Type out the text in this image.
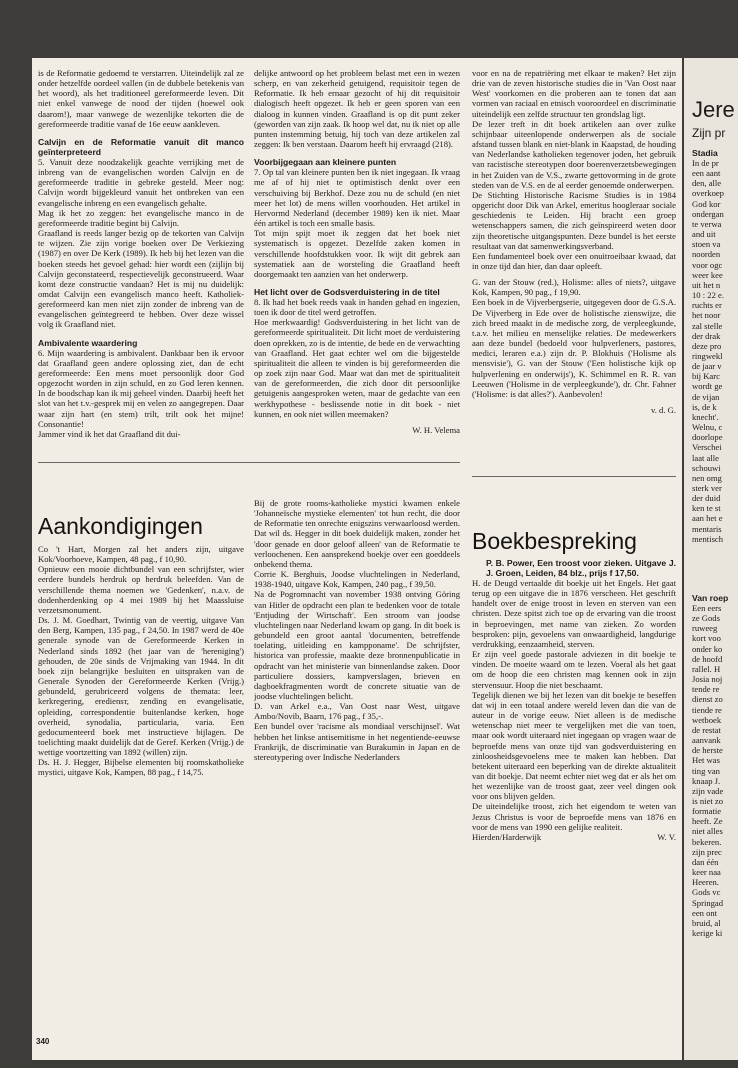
is de Reformatie gedoemd te verstarren. Uiteindelijk zal ze onder hetzelfde oordeel vallen (in de dubbele betekenis van het woord), als het traditioneel gereformeerde leven. Dit niet enkel vanwege de nood der tijden (hoewel ook daarom!), maar vanwege de wezenlijke tekorten die de gereformeerde traditie vanaf de 16e eeuw aankleven.

Calvijn en de Reformatie vanuit dit manco geïnterpreteerd

5. Vanuit deze noodzakelijk geachte verrijking met de inbreng van de evangelischen worden Calvijn en de gereformeerde traditie in gebreke gesteld. Meer nog: Calvijn wordt bijgekleurd vanuit het ontbreken van een evangelische inbreng en een evangelisch gehalte.

Mag ik het zo zeggen: het evangelische manco in de gereformeerde traditie begint bij Calvijn.

Graafland is reeds langer bezig op de tekorten van Calvijn te wijzen. Zie zijn vorige boeken over De Verkiezing (1987) en over De Kerk (1989). Ik heb bij het lezen van die boeken steeds het gevoel gehad: hier wordt een (zijlijn bij Calvijn geconstateerd, respectievelijk geconstrueerd. Waar komt deze constructie vandaan? Het is mij nu duidelijk: omdat Calvijn een evangelisch manco heeft. Katholiek-gereformeerd kan men niet zijn zonder de inbreng van de evangelischen geïntegreerd te hebben. Over deze wissel volg ik Graafland niet.

Ambivalente waardering

6. Mijn waardering is ambivalent. Dankbaar ben ik ervoor dat Graafland geen andere oplossing ziet, dan de echt gereformeerde: Een mens moet persoonlijk door God opgezocht worden in zijn schuld, en zo God leren kennen. In de boodschap kan ik mij geheel vinden. Daarbij heeft het slot van het t.v.-gesprek mij en velen zo aangegrepen. Daar waar zijn hart (en stem) trilt, trilt ook het mijne! Consonantie!

Jammer vind ik het dat Graafland dit dui-

delijke antwoord op het probleem belast met een in wezen scherp, en van zekerheid getuigend, requisitoir tegen de Reformatie. Ik heb ernaar gezocht of hij dit requisitoir dialogisch heeft opgezet. Ik heb er geen sporen van een dialoog in kunnen vinden. Graafland is op dit punt zeker (geworden van zijn zaak. Ik hoop wel dat, nu ik niet op alle punten instemming betuig, hij toch van deze artikelen zal zeggen: Ik ben verstaan. Daarom heeft hij ervraagd (218).

Voorbijgegaan aan kleinere punten

7. Op tal van kleinere punten ben ik niet ingegaan. Ik vraag me af of hij niet te optimistisch denkt over een verschuiving bij Berkhof. Deze zou nu de schuld (en niet meer het lot) de mens willen voorhouden. Het artikel in Hervormd Nederland (december 1989) ken ik niet. Maar één artikel is toch een smalle basis.

Tot mijn spijt moet ik zeggen dat het boek niet systematisch is opgezet. Dezelfde zaken komen in verschillende hoofdstukken voor. Ik wijt dit gebrek aan systematiek aan de worsteling die Graafland heeft doorgemaakt ten aanzien van het onderwerp.

Het licht over de Godsverduistering in de titel

8. Ik had het boek reeds vaak in handen gehad en ingezien, toen ik door de titel werd getroffen.

Hoe merkwaardig! Godsverduistering in het licht van de gereformeerde spiritualiteit. Dit licht moet de verduistering doen oprekken, zo is de intentie, de bede en de verwachting van Graafland. Het gaat echter wel om die bijgestelde spiritualiteit die alleen te vinden is bij gereformeerden die op zoek zijn naar God. Maar wat dan met de spiritualiteit van de gereformeerden, die zich door dit persoonlijke getuigenis aangesproken weten, maar de gedachte van een werkhypothese - beslissende notie in dit boek - niet kunnen, en ook niet willen meemaken?

W. H. Velema

voor en na de repatriëring met elkaar te maken? Het zijn drie van de zeven historische studies die in 'Van Oost naar West' voorkomen en die proberen aan te tonen dat aan vormen van raciaal en etnisch vooroordeel en discriminatie uiteindelijk een zelfde structuur ten grondslag ligt.

De lezer treft in dit boek artikelen aan over zulke schijnbaar uiteenlopende onderwerpen als de sociale afstand tussen blank en niet-blank in Kaapstad, de houding van Nederlandse katholieken tegenover joden, het gebruik van racistische stereotypen door boerenverzetsbewegingen in het Zuiden van de V.S., zwarte gettovorming in de grote steden van de V.S. en de al eerder genoemde onderwerpen.

De Stichting Historische Racisme Studies is in 1984 opgericht door Dik van Arkel, emeritus hoogleraar sociale geschiedenis te Leiden. Hij bracht een groep wetenschappers samen, die zich geïnspireerd weten door zijn theoretische uitgangspunten. Deze bundel is het eerste resultaat van dat samenwerkingsverband.

Een fundamenteel boek over een onuitroeibaar kwaad, dat in onze tijd dan hier, dan daar opleeft.

G. van der Stouw (red.), Holisme: alles of niets?, uitgave Kok, Kampen, 90 pag., f 19,90.

Een boek in de Vijverbergserie, uitgegeven door de G.S.A. De Vijverberg in Ede over de holistische zienswijze, die zich breed maakt in de medische zorg, de verpleegkunde, t.a.v. het milieu en menselijke relaties. De medewerkers aan deze bundel (bedoeld voor hulpverleners, pastores, medici, leraren e.a.) zijn dr. P. Blokhuis ('Holisme als mensvisie'), G. van der Stouw ('Een holistische kijk op hulpverlening en onderwijs'), K. Schimmel en R. R. van Leeuwen ('Holisme in de verpleegkunde'), dr. Chr. Fahner ('Holisme: is dat alles?'). Aanbevolen!

v. d. G.

Boekbespreking

P. B. Power, Een troost voor zieken. Uitgave J. J. Groen, Leiden, 84 blz., prijs f 17,50.

H. de Deugd vertaalde dit boekje uit het Engels. Het gaat terug op een uitgave die in 1876 verscheen. Het geschrift handelt over de enige troost in leven en sterven van een christen. Deze spitst zich toe op de ervaring van die troost in beproevingen, met name van zieken. Zo worden besproken: pijn, gevoelens van onwaardigheid, langdurige verdrukking, eenzaamheid, sterven.

Er zijn veel goede pastorale adviezen in dit boekje te vinden. De moeite waard om te lezen. Voeral als het gaat om de hoop die een christen mag kennen ook in zijn stervensuur. Hoop die niet beschaamt.

Tegelijk dienen we bij het lezen van dit boekje te beseffen dat wij in een totaal andere wereld leven dan die van de auteur in de vorige eeuw. Niet alleen is de medische wetenschap niet meer te vergelijken met die van toen, maar ook wordt uiteraard niet ingegaan op vragen waar de beproefde mens van onze tijd van godsverduistering en zinloosheidsgevoelens mee te maken kan hebben. Dat betekent uiteraard een beperking van de direkte aktualiteit van dit boekje. Dat neemt echter niet weg dat er als het om het wezenlijke van de troost gaat, zeer veel dingen ook voor ons blijven gelden.

De uiteindelijke troost, zich het eigendom te weten van Jezus Christus is voor de beproefde mens van 1876 en voor de mens van 1990 een gelijke realiteit.

Hierden/Harderwijk	W. V.

Aankondigingen

Co 't Hart, Morgen zal het anders zijn, uitgave Kok/Voorhoeve, Kampen, 48 pag., f 10,90.

Opnieuw een mooie dichtbundel van een schrijfster, wier eerdere bundels herdruk op herdruk beleefden. Van de verschillende thema noemen we 'Gedenken', n.a.v. de dodenherdenking op 4 mei 1989 bij het Maassluise verzetsmonument.

Ds. J. M. Goedhart, Twintig van de veertig, uitgave Van den Berg, Kampen, 135 pag., f 24,50. In 1987 werd de 40e generale synode van de Gereformeerde Kerken in Nederland sinds 1892 (het jaar van de 'hereniging') gehouden, de 20e sinds de Vrijmaking van 1944. In dit boek zijn belangrijke besluiten en uitspraken van de Generale Synoden der Gereformeerde Kerken (Vrijg.) gebundeld, gerubriceerd volgens de themata: leer, kerkregering, erediensт, zending en evangelisatie, opleiding, correspondentie buitenlandse kerken, hoge overheid, synodalia, particularia, varia. Een gedocumenteerd boek met instructieve bijlagen. De toelichting maakt duidelijk dat de Geref. Kerken (Vrijg.) de wettige voortzetting van 1892 (willen) zijn.

Ds. H. J. Hegger, Bijbelse elementen bij roomskatholieke mystici, uitgave Kok, Kampen, 88 pag., f 14,75.

Bij de grote rooms-katholieke mystici kwamen enkele 'Johanneïsche mystieke elementen' tot hun recht, die door de Reformatie ten onrechte enigszins verwaarloosd werden. Dat wil ds. Hegger in dit boek duidelijk maken, zonder het 'door genade en door geloof alleen' van de Reformatie te verloochenen. Een aansprekend boekje over een goeddeels onbekend thema.

Corrie K. Berghuis, Joodse vluchtelingen in Nederland, 1938-1940, uitgave Kok, Kampen, 240 pag., f 39,50.

Na de Pogromnacht van november 1938 ontving Göring van Hitler de opdracht een plan te bedenken voor de totale 'Entjuding der Wirtschaft'. Een stroom van joodse vluchtelingen naar Nederland kwam op gang. In dit boek is gebundeld een groot aantal 'documenten, betreffende toelating, uitleiding en kampponame'. De schrijfster, historica van professie, maakte deze bronnenpublicatie in opdracht van het ministerie van binnenlandse zaken. Door particuliere dossiers, kampverslagen, brieven en dagboekfragmenten wordt de concrete situatie van de joodse vluchtelingen belicht.

D. van Arkel e.a., Van Oost naar West, uitgave Ambo/Novib, Baarn, 176 pag., f 35,-.

Een bundel over 'racisme als mondiaal verschijnsel'. Wat hebben het linkse antisemitisme in het negentiende-eeuwse Frankrijk, de discriminatie van Burakumin in Japan en de stereotypering over Indische Nederlanders

340
Jere
Zijn pr
Stadia
In de pr
een aant
den, alle
overkoep
God kor
ondergan
te verwa
and uit
stoen va
noorden
voor ogc
weer kee
uit het n
10 : 22 e.
ruchts er
het noor
zal stelle
der drak
deze pro
ringwekl
de jaar v
bij Karc
wordt ge
de vijan
is, de k
knecht'.
Welnu, c
doorlope
Verschei
laat alle
schouwi
nen omg
sterk ver
der duid
ken te st
aan het e
mentaris
mentisch
Van roep
Een eers
ze Gods
ruweeg
kort voo
onder ko
de hoofd
rallel. H
Josia noj
tende re
dienst zo
tiende re
wetboek
de restat
aanvank
de herste
Het was
ting van
knaap J.
zijn vade
is niet zo
formatie
heeft. Ze
niet alles
bekeren.
zijn prec
dan één
keer naa
Heeren.
Gods vc
Springad
een ont
bruid, al
kerige ki
